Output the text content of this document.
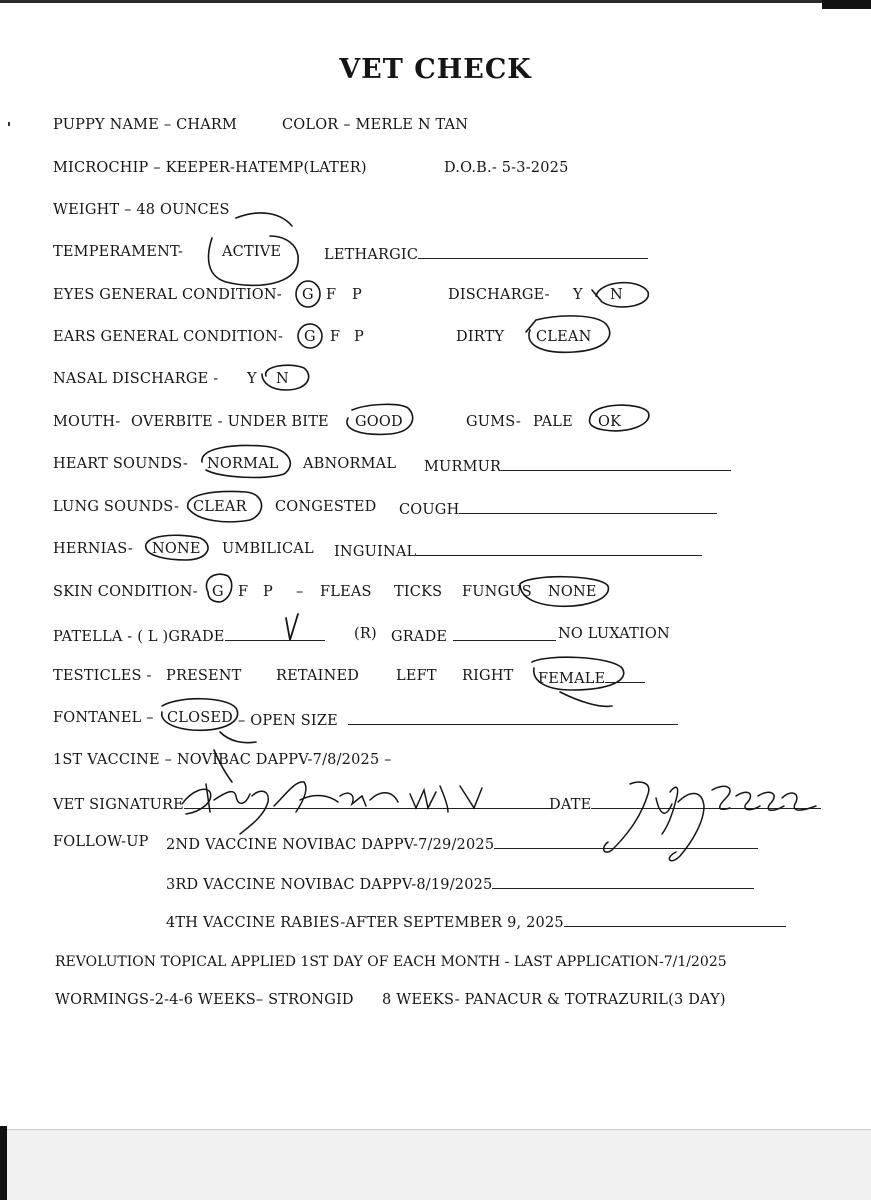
VET CHECK
PUPPY NAME – CHARM	COLOR – MERLE N TAN
MICROCHIP – KEEPER-HATEMP(LATER)	D.O.B.- 5-3-2025
WEIGHT – 48 OUNCES
TEMPERAMENT-	ACTIVE	LETHARGIC
EYES GENERAL CONDITION- G F P	DISCHARGE- Y N
EARS GENERAL CONDITION- G F P	DIRTY CLEAN
NASAL DISCHARGE - Y N
MOUTH- OVERBITE - UNDER BITE GOOD	GUMS- PALE OK
HEART SOUNDS- NORMAL ABNORMAL MURMUR
LUNG SOUNDS- CLEAR CONGESTED COUGH
HERNIAS- NONE UMBILICAL INGUINAL
SKIN CONDITION- G F P – FLEAS TICKS FUNGUS NONE
PATELLA - ( L )GRADE	(R) GRADE	NO LUXATION
TESTICLES - PRESENT RETAINED	LEFT RIGHT FEMALE
FONTANEL – CLOSED – OPEN SIZE
1ST VACCINE – NOVIBAC DAPPV-7/8/2025 –
VET SIGNATURE	DATE
FOLLOW-UP 2ND VACCINE NOVIBAC DAPPV-7/29/2025
3RD VACCINE NOVIBAC DAPPV-8/19/2025
4TH VACCINE RABIES-AFTER SEPTEMBER 9, 2025
REVOLUTION TOPICAL APPLIED 1ST DAY OF EACH MONTH - LAST APPLICATION-7/1/2025
WORMINGS-2-4-6 WEEKS– STRONGID 8 WEEKS- PANACUR & TOTRAZURIL(3 DAY)
